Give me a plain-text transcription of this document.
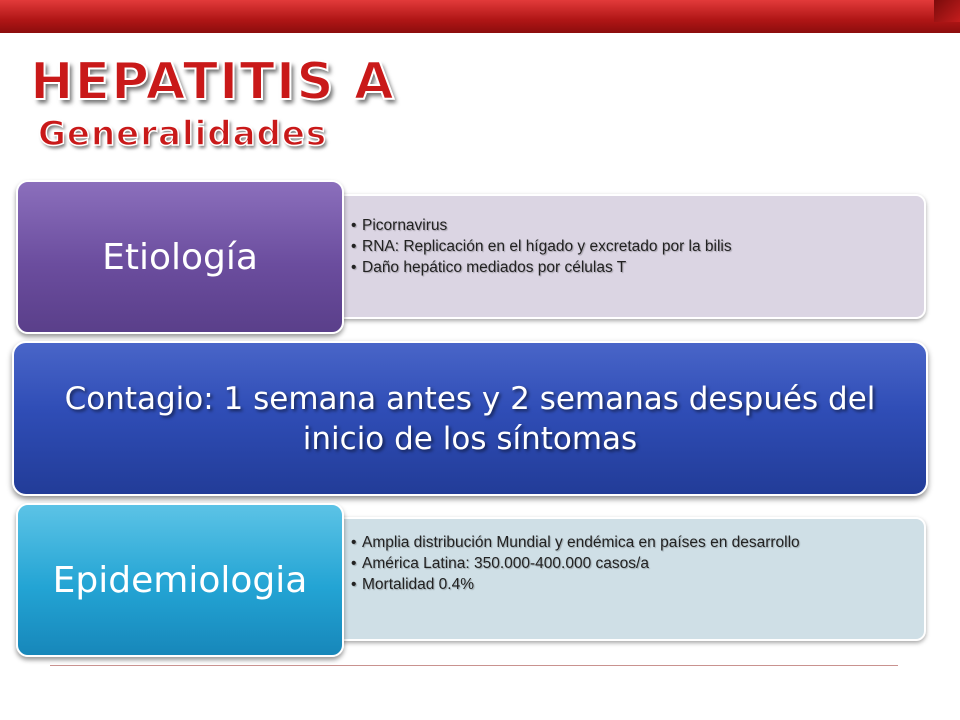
HEPATITIS A
Generalidades
• Picornavirus
• RNA: Replicación en el hígado y excretado por la bilis
• Daño hepático mediados por células T
Etiología
Contagio: 1 semana antes y 2 semanas después del inicio de los síntomas
• Amplia distribución Mundial y endémica en países en desarrollo
• América Latina: 350.000-400.000 casos/a
• Mortalidad 0.4%
Epidemiologia
